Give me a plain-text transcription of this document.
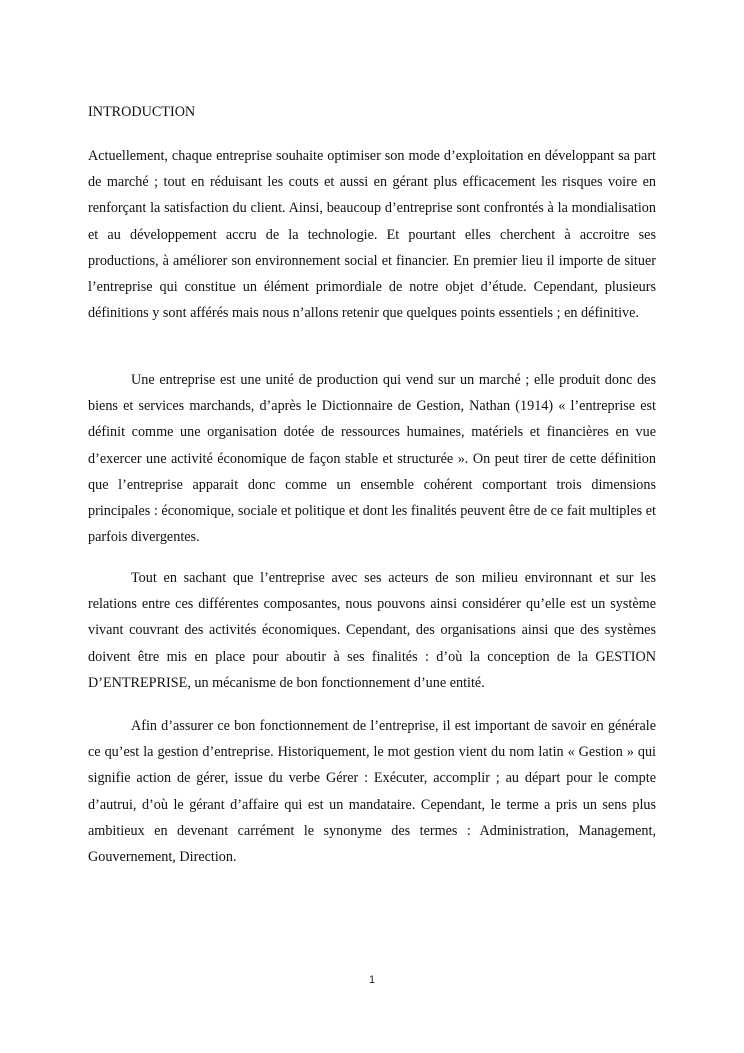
INTRODUCTION

Actuellement, chaque entreprise souhaite optimiser son mode d’exploitation en développant sa part de marché ; tout en réduisant les couts et aussi en gérant plus efficacement les risques voire en renforçant la satisfaction du client. Ainsi, beaucoup d’entreprise sont confrontés à la mondialisation et au développement accru de la technologie. Et pourtant elles cherchent à accroitre ses productions, à améliorer son environnement social et financier. En premier lieu il importe de situer l’entreprise qui constitue un élément primordiale de notre objet d’étude. Cependant, plusieurs définitions y sont afférés mais nous n’allons retenir que quelques points essentiels ; en définitive.

Une entreprise est une unité de production qui vend sur un marché ; elle produit donc des biens et services marchands, d’après le Dictionnaire de Gestion, Nathan (1914) « l’entreprise est définit comme une organisation dotée de ressources humaines, matériels et financières en vue d’exercer une activité économique de façon stable et structurée ». On peut tirer de cette définition que l’entreprise apparait donc comme un ensemble cohérent comportant trois dimensions principales : économique, sociale et politique et dont les finalités peuvent être de ce fait multiples et parfois divergentes.

Tout en sachant que l’entreprise avec ses acteurs de son milieu environnant et sur les relations entre ces différentes composantes, nous pouvons ainsi considérer qu’elle est un système vivant couvrant des activités économiques. Cependant, des organisations ainsi que des systèmes doivent être mis en place pour aboutir à ses finalités : d’où la conception de la GESTION D’ENTREPRISE, un mécanisme de bon fonctionnement d’une entité.

Afin d’assurer ce bon fonctionnement de l’entreprise, il est important de savoir en générale ce qu’est la gestion d’entreprise. Historiquement, le mot gestion vient du nom latin « Gestion » qui signifie action de gérer, issue du verbe Gérer : Exécuter, accomplir ; au départ pour le compte d’autrui, d’où le gérant d’affaire qui est un mandataire. Cependant, le terme a pris un sens plus ambitieux en devenant carrément le synonyme des termes : Administration, Management, Gouvernement, Direction.

1
